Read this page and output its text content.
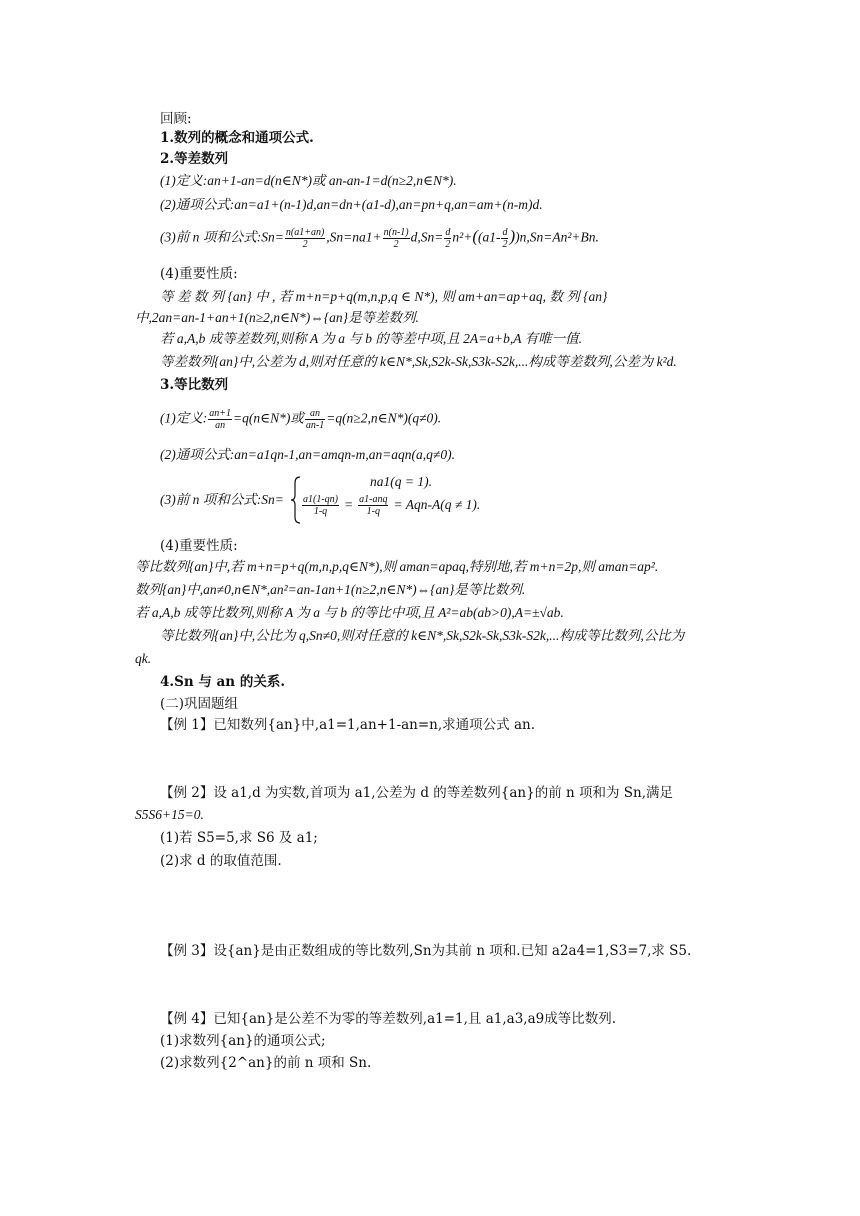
回顾:
1.数列的概念和通项公式.
2.等差数列
(1)定义:an+1-an=d(n∈N*)或 an-an-1=d(n≥2,n∈N*).
(2)通项公式:an=a1+(n-1)d,an=dn+(a1-d),an=pn+q,an=am+(n-m)d.
(3)前 n 项和公式:Sn= $\frac{n(a1+an)}{2} ,Sn=na1+ \frac{n(n-1)}{2} d,Sn= \frac{d}{2} n^2+((a1- \frac{d}{2} ))n,Sn=An^2+Bn$.
(4)重要性质:
等 差 数 列 {an} 中 , 若 m+n=p+q(m,n,p,q ∈ N*), 则 am+an=ap+aq, 数 列 {an}
中,2an=an-1+an+1(n≥2,n∈N*)⇔{an}是等差数列.
若 a,A,b 成等差数列,则称 A 为 a 与 b 的等差中项,且 2A=a+b,A 有唯一值.
等差数列{an}中,公差为 d,则对任意的 k∈N*,Sk,S2k-Sk,S3k-S2k,...构成等差数列,公差为 k²d.
3.等比数列
(1)定义: $\frac{an+1}{an}$ =q(n∈N*)或 $\frac{an}{an-1}$ =q(n≥2,n∈N*)(q≠0).
(2)通项公式:an=a1qn-1,an=amqn-m,an=aqn(a,q≠0).
(3)前 n 项和公式:Sn=
na1(q = 1).
$\frac{a1(1-qn)}{1-q} = \frac{\text{a1-anq}}{1-q} = Aqn-A(q \ne 1)$.
(4)重要性质:
等比数列{an}中,若 m+n=p+q(m,n,p,q∈N*),则 aman=apaq,特别地,若 m+n=2p,则 aman=ap².
数列{an}中,an≠0,n∈N*,an²=an-1an+1(n≥2,n∈N*)⇔{an}是等比数列.
若 a,A,b 成等比数列,则称 A 为 a 与 b 的等比中项,且 A²=ab(ab>0),A=±√ab.
等比数列{an}中,公比为 q,Sn≠0,则对任意的 k∈N*,Sk,S2k-Sk,S3k-S2k,...构成等比数列,公比为
qk.
4.Sn 与 an 的关系.
(二)巩固题组
【例 1】已知数列{an}中,a1=1,an+1-an=n,求通项公式 an.
【例 2】设 a1,d 为实数,首项为 a1,公差为 d 的等差数列{an}的前 n 项和为 Sn,满足
S5S6+15=0.
(1)若 S5=5,求 S6 及 a1;
(2)求 d 的取值范围.
【例 3】设{an}是由正数组成的等比数列,Sn为其前 n 项和.已知 a2a4=1,S3=7,求 S5.
【例 4】已知{an}是公差不为零的等差数列,a1=1,且 a1,a3,a9成等比数列.
(1)求数列{an}的通项公式;
(2)求数列{2^an}的前 n 项和 Sn.
